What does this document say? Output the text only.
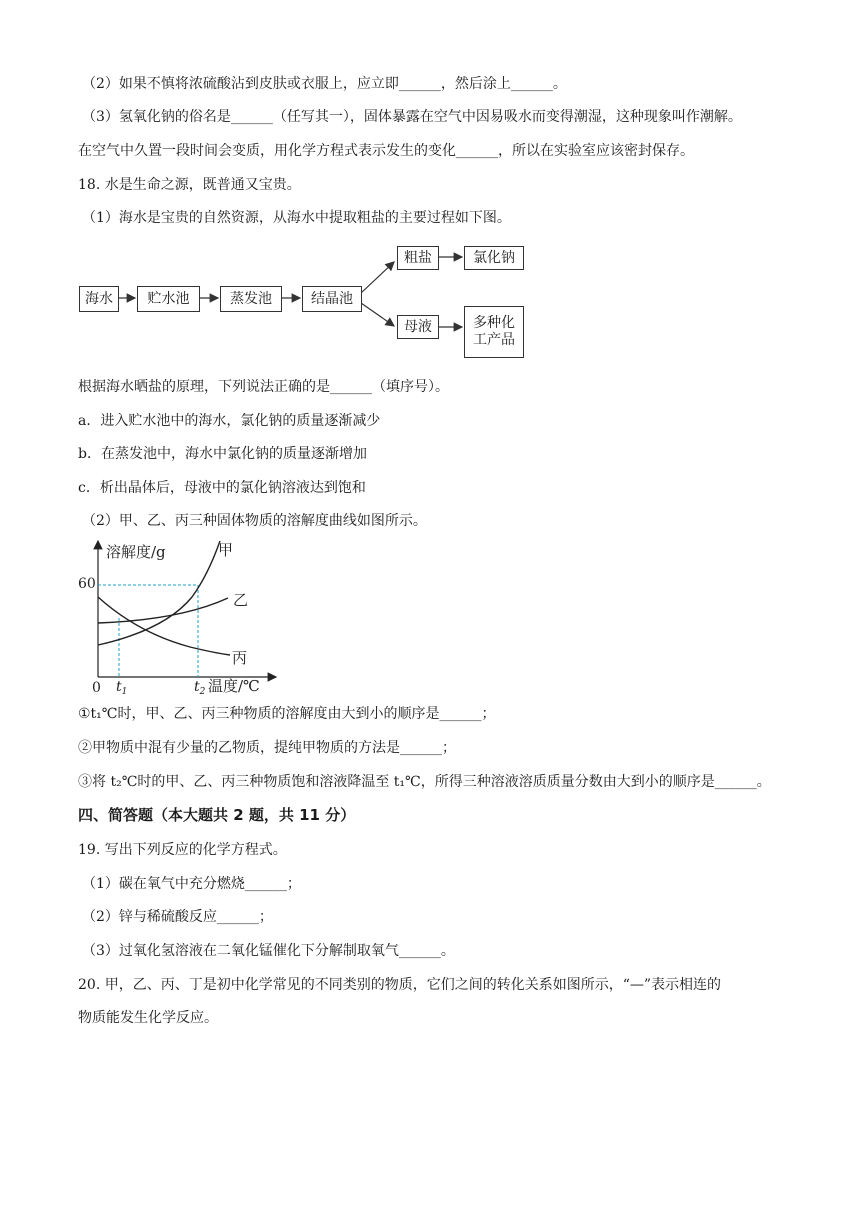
（2）如果不慎将浓硫酸沾到皮肤或衣服上，应立即______，然后涂上______。
（3）氢氧化钠的俗名是______（任写其一），固体暴露在空气中因易吸水而变得潮湿，这种现象叫作潮解。
在空气中久置一段时间会变质，用化学方程式表示发生的变化______，所以在实验室应该密封保存。
18. 水是生命之源，既普通又宝贵。
（1）海水是宝贵的自然资源，从海水中提取粗盐的主要过程如下图。
海水	贮水池	蒸发池	结晶池
粗盐	氯化钠
母液	多种化
工产品
根据海水晒盐的原理，下列说法正确的是______（填序号）。
a．进入贮水池中的海水，氯化钠的质量逐渐减少
b．在蒸发池中，海水中氯化钠的质量逐渐增加
c．析出晶体后，母液中的氯化钠溶液达到饱和
（2）甲、乙、丙三种固体物质的溶解度曲线如图所示。
溶解度/g
温度/℃
60
0 $t_1$	$t_2$
甲
乙
丙
①t₁℃时，甲、乙、丙三种物质的溶解度由大到小的顺序是______；
②甲物质中混有少量的乙物质，提纯甲物质的方法是______；
③将 t₂℃时的甲、乙、丙三种物质饱和溶液降温至 t₁℃，所得三种溶液溶质质量分数由大到小的顺序是______。
四、简答题（本大题共 2 题，共 11 分）
19. 写出下列反应的化学方程式。
（1）碳在氧气中充分燃烧______；
（2）锌与稀硫酸反应______；
（3）过氧化氢溶液在二氧化锰催化下分解制取氧气______。
20. 甲，乙、丙、丁是初中化学常见的不同类别的物质，它们之间的转化关系如图所示，“—”表示相连的
物质能发生化学反应。
